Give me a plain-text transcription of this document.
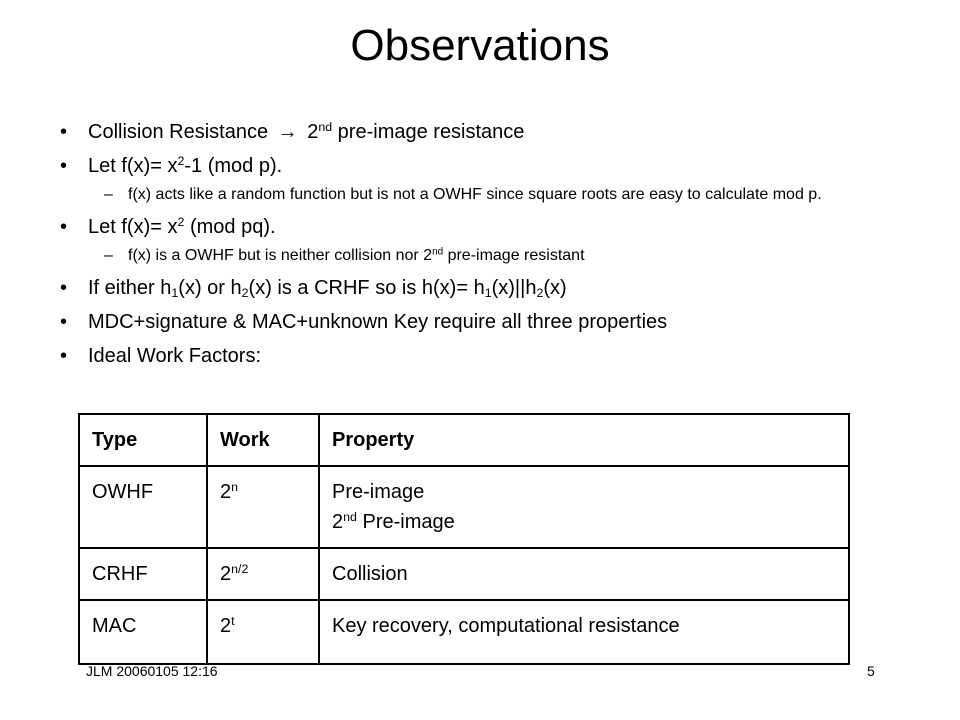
Observations
• Collision Resistance → 2nd pre-image resistance
• Let $f(x)= x^2-1$ (mod p).
– f(x) acts like a random function but is not a OWHF since square roots are easy to calculate mod p.
• Let $f(x)= x^2$ (mod pq).
– f(x) is a OWHF but is neither collision nor 2nd pre-image resistant
• If either $h_1(x)$ or $h_2(x)$ is a CRHF so is $h(x)= h_1(x)||h_2(x)$
• MDC+signature & MAC+unknown Key require all three properties
• Ideal Work Factors:
Type	Work	Property
OWHF	2$^n$	Pre-image
2nd Pre-image

CRHF	$2^{n/2}$	Collision

MAC	2$^t$	Key recovery, computational resistance
JLM 20060105 12:16	5
